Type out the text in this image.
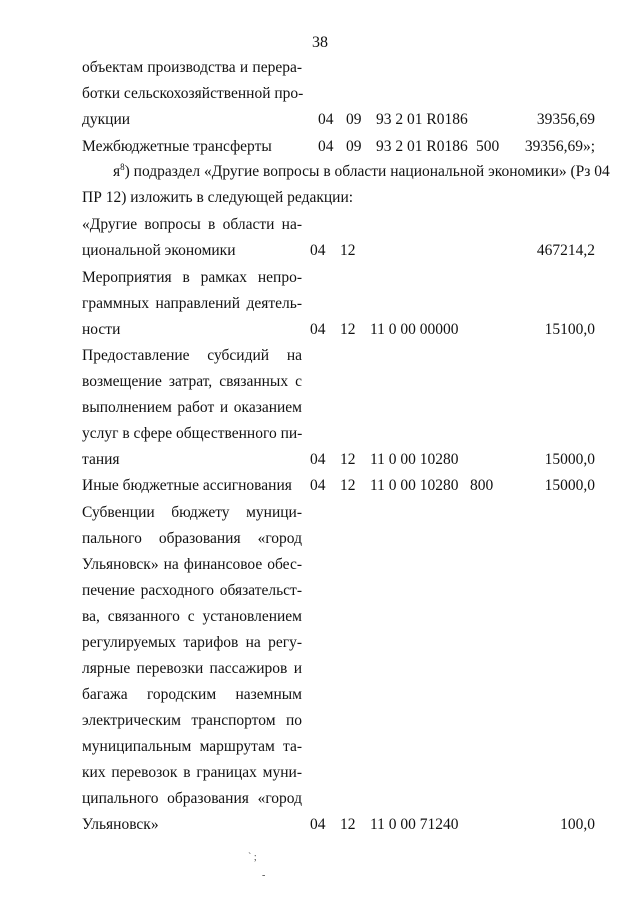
38
объектам производства и перера-
ботки сельскохозяйственной про-
дукции	04 09 93 2 01 R0186	39356,69
Межбюджетные трансферты	04 09 93 2 01 R0186 500 39356,69»;
$я^8$) подраздел «Другие вопросы в области национальной экономики» (Рз 04
ПР 12) изложить в следующей редакции:
«Другие вопросы в области на-
циональной экономики	04 12	467214,2
Мероприятия в рамках непро-
граммных направлений деятель-
ности	04 12 11 0 00 00000	15100,0
Предоставление субсидий на
возмещение затрат, связанных с
выполнением работ и оказанием
услуг в сфере общественного пи-
тания	04 12 11 0 00 10280	15000,0
Иные бюджетные ассигнования 04 12 11 0 00 10280 800	15000,0
Субвенции бюджету муници-
пального образования «город
Ульяновск» на финансовое обес-
печение расходного обязательст-
ва, связанного с установлением
регулируемых тарифов на регу-
лярные перевозки пассажиров и
багажа городским наземным
электрическим транспортом по
муниципальным маршрутам та-
ких перевозок в границах муни-
ципального образования «город
Ульяновск»	04 12 11 0 00 71240	100,0
` ;
-
